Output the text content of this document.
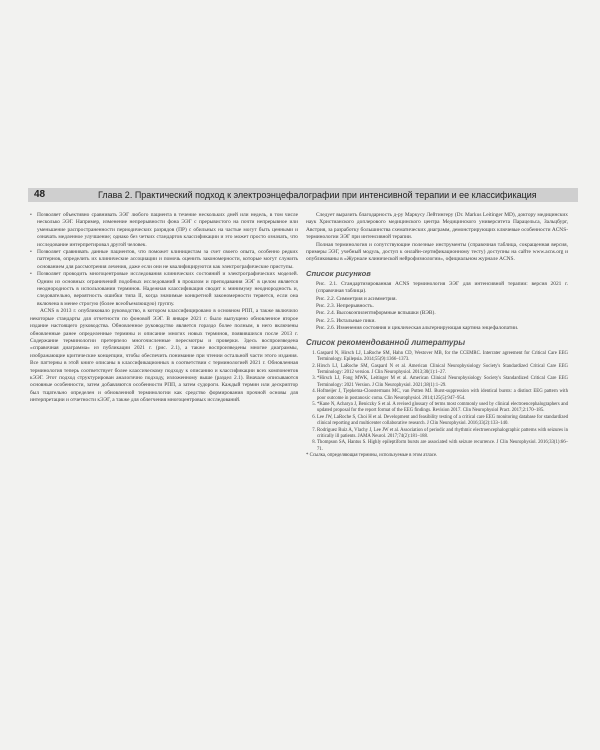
48	Глава 2. Практический подход к электроэнцефалографии при интенсивной терапии и ее классификация

▪ Позволяет объективно сравнивать ЭЭГ любого пациента в течение нескольких дней или недель, в том числе несколько ЭЭГ. Например, изменение непрерывности фона ЭЭГ с прерывистого на почти непрерывное или уменьшение распространенности периодических разрядов (ПР) с обильных на частые могут быть ценными и означать медленное улучшение; однако без четких стандартов классификации и это может просто означать, что исследование интерпретировал другой человек.

▪ Позволяет сравнивать данные пациентов, что поможет клиницистам за счет своего опыта, особенно редких паттернов, определить их клинические ассоциации и помочь оценить закономерности, которые могут служить основанием для рассмотрения лечения, даже если они не квалифицируются как электрографические приступы.

▪ Позволяет проводить многоцентровые исследования клинических состояний и электрографических моделей. Одним из основных ограничений подобных исследований в прошлом и преподавания ЭЭГ в целом является неоднородность в использовании терминов. Надежная классификация сводит к минимуму неоднородность и, следовательно, вероятность ошибки типа II, когда значимые конкретной закономерности теряется, если она включена в менее строгую (более всеобъемлющую) группу.

ACNS в 2013 г. опубликовало руководство, в котором классифицировано в основном РПП, а также включило некоторые стандарты для отчетности по фоновой ЭЭГ. В январе 2021 г. было выпущено обновленное второе издание настоящего руководства. Обновленное руководство является гораздо более полным, в него включены обновленные ранее определенные термины и описание многих новых терминов, появившихся после 2013 г. Содержание терминологии претерпело многочисленные пересмотры и проверки. Здесь воспроизведена «справочная диаграмма» из публикации 2021 г. (рис. 2.1), а также воспроизведены многие диаграммы, изображающие критические концепции, чтобы обеспечить понимание при чтении остальной части этого издания. Все паттерны в этой книге описаны в классификационных в соответствии с терминологией 2021 г. Обновленная терминология теперь соответствует более классическому подходу к описанию и классификации всех компонентов кЭЭГ. Этот подход структурирован аналогично подходу, изложенному выше (раздел 2.1). Вначале описываются основные особенности, затем добавляются особенности РПП, а затем судороги. Каждый термин или дескриптор был тщательно определен и обновленной терминологии как средство формирования прочной основы для интерпретации и отчетности кЭЭГ, а также для облегчения многоцентровых исследований.

Следует выразить благодарность д-ру Маркусу Лейтингеру (Dr. Markus Leitinger MD), доктору медицинских наук Христианского доплерового медицинского центра Медицинского университета Парацельса, Зальцбург, Австрия, за разработку большинства схематических диаграмм, демонстрирующих ключевые особенности ACNS-терминологии ЭЭГ при интенсивной терапии.

Полная терминология и сопутствующие полезные инструменты (справочная таблица, сокращенная версия, примеры ЭЭГ, учебный модуль, доступ к онлайн-сертификационному тесту) доступны на сайте www.acns.org и опубликованы в «Журнале клинической нейрофизиологии», официальном журнале ACNS.

Список рисунков

Рис. 2.1. Стандартизированная ACNS терминология ЭЭГ для интенсивной терапии: версия 2021 г. (справочная таблица).

Рис. 2.2. Симметрия и асимметрия.

Рис. 2.3. Непрерывность.

Рис. 2.4. Высокоэпилептиформные вспышки (ВЭВ).

Рис. 2.5. Иктальные пики.

Рис. 2.6. Изменения состояния и циклическая альтернирующая картина энцефалопатии.

Список рекомендованной литературы
1. Gaspard N, Hirsch LJ, LaRoche SM, Hahn CD, Westover MB, for the CCEMRC. Interrater agreement for Critical Care EEG Terminology. Epilepsia. 2014;55(9):1366–1373.
2. Hirsch LJ, LaRoche SM, Gaspard N et al. American Clinical Neurophysiology Society's Standardized Critical Care EEG Terminology: 2012 version. J Clin Neurophysiol. 2013;30(1):1–27.
3. *Hirsch LJ, Fong MWK, Leitinger M et al. American Clinical Neurophysiology Society's Standardized Critical Care EEG Terminology: 2021 Version. J Clin Neurophysiol. 2021;38(1):1–29.
4. Hofmeijer J, Tjepkema-Cloostermans MC, van Putten MJ. Burst-suppression with identical bursts: a distinct EEG pattern with poor outcome in postanoxic coma. Clin Neurophysiol. 2014;125(5):947–954.
5. *Kane N, Acharya J, Beniczky S et al. A revised glossary of terms most commonly used by clinical electroencephalographers and updated proposal for the report format of the EEG findings. Revision 2017. Clin Neurophysiol Pract. 2017;2:170–185.
6. Lee JW, LaRoche S, Choi H et al. Development and feasibility testing of a critical care EEG monitoring database for standardized clinical reporting and multicenter collaborative research. J Clin Neurophysiol. 2016;33(2):133–140.
7. Rodriguez Ruiz A, Vlachy J, Lee JW et al. Association of periodic and rhythmic electroencephalographic patterns with seizures in critically ill patients. JAMA Neurol. 2017;74(2):181–188.
8. Thompson SA, Hantus S. Highly epileptiform bursts are associated with seizure recurrence. J Clin Neurophysiol. 2016;33(1):66–71.

* Ссылка, определяющая термины, используемые в этом атласе.
